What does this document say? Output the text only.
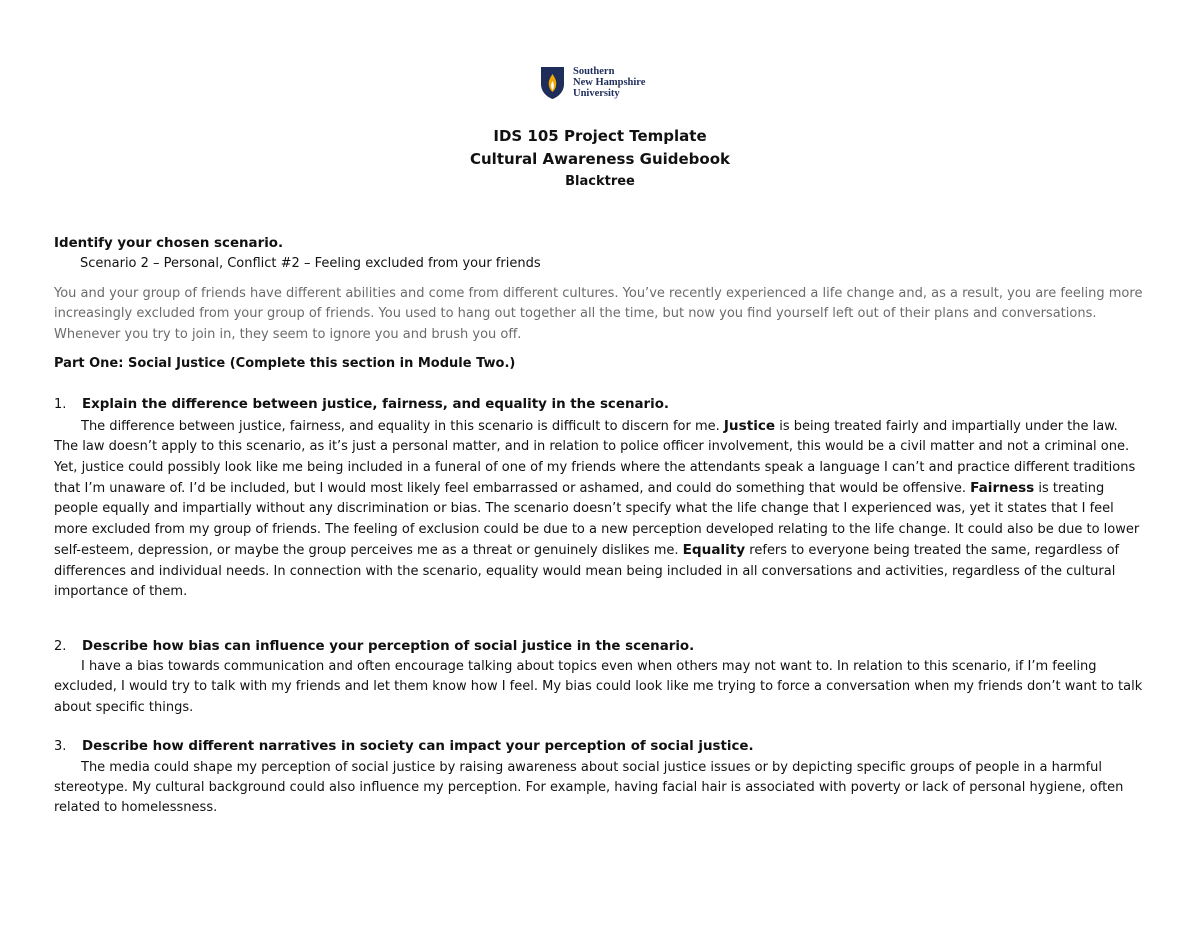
Southern
New Hampshire
University
IDS 105 Project Template
Cultural Awareness Guidebook
Blacktree
Identify your chosen scenario.
Scenario 2 – Personal, Conflict #2 – Feeling excluded from your friends
You and your group of friends have different abilities and come from different cultures. You’ve recently experienced a life change and, as a result, you are feeling more increasingly excluded from your group of friends. You used to hang out together all the time, but now you find yourself left out of their plans and conversations. Whenever you try to join in, they seem to ignore you and brush you off.
Part One: Social Justice (Complete this section in Module Two.)
1. Explain the difference between justice, fairness, and equality in the scenario.
The difference between justice, fairness, and equality in this scenario is difficult to discern for me. Justice is being treated fairly and impartially under the law. The law doesn’t apply to this scenario, as it’s just a personal matter, and in relation to police officer involvement, this would be a civil matter and not a criminal one. Yet, justice could possibly look like me being included in a funeral of one of my friends where the attendants speak a language I can’t and practice different traditions that I’m unaware of. I’d be included, but I would most likely feel embarrassed or ashamed, and could do something that would be offensive. Fairness is treating people equally and impartially without any discrimination or bias. The scenario doesn’t specify what the life change that I experienced was, yet it states that I feel more excluded from my group of friends. The feeling of exclusion could be due to a new perception developed relating to the life change. It could also be due to lower self-esteem, depression, or maybe the group perceives me as a threat or genuinely dislikes me. Equality refers to everyone being treated the same, regardless of differences and individual needs. In connection with the scenario, equality would mean being included in all conversations and activities, regardless of the cultural importance of them.
2. Describe how bias can influence your perception of social justice in the scenario.
I have a bias towards communication and often encourage talking about topics even when others may not want to. In relation to this scenario, if I’m feeling excluded, I would try to talk with my friends and let them know how I feel. My bias could look like me trying to force a conversation when my friends don’t want to talk about specific things.
3. Describe how different narratives in society can impact your perception of social justice.
The media could shape my perception of social justice by raising awareness about social justice issues or by depicting specific groups of people in a harmful stereotype. My cultural background could also influence my perception. For example, having facial hair is associated with poverty or lack of personal hygiene, often related to homelessness.
